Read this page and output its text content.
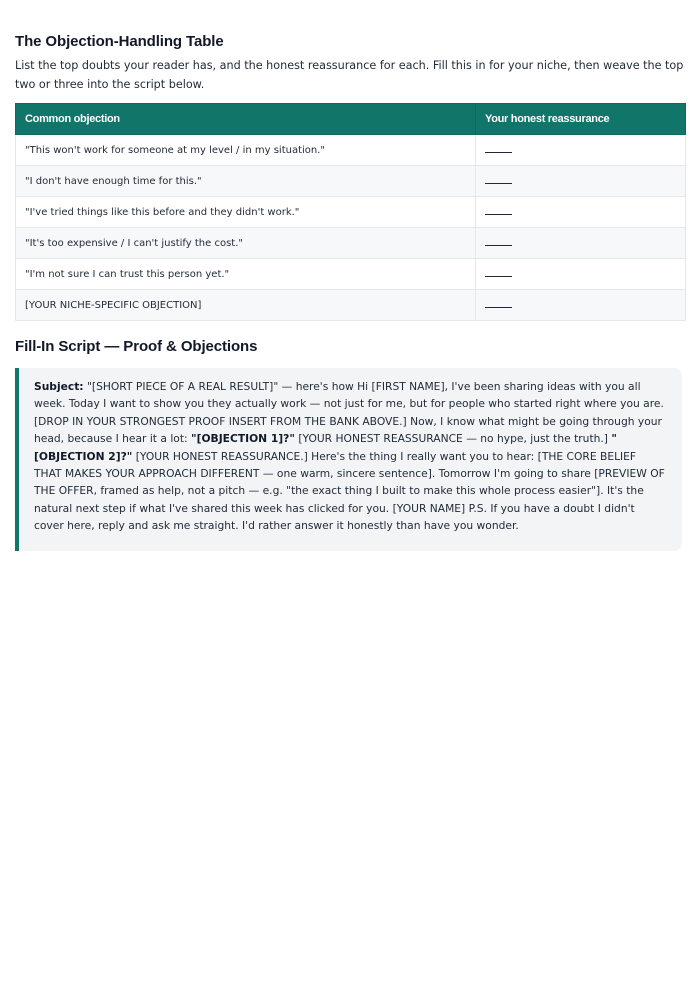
The Objection-Handling Table

List the top doubts your reader has, and the honest reassurance for each. Fill this in for your niche, then weave the top two or three into the script below.

Common objection	Your honest reassurance
"This won't work for someone at my level / in my situation."	
"I don't have enough time for this."	
"I've tried things like this before and they didn't work."	
"It's too expensive / I can't justify the cost."	
"I'm not sure I can trust this person yet."	
[YOUR NICHE-SPECIFIC OBJECTION]	
Fill-In Script — Proof & Objections

Subject: "[SHORT PIECE OF A REAL RESULT]" — here's how Hi [FIRST NAME], I've been sharing ideas with you all week. Today I want to show you they actually work — not just for me, but for people who started right where you are. [DROP IN YOUR STRONGEST PROOF INSERT FROM THE BANK ABOVE.] Now, I know what might be going through your head, because I hear it a lot: "[OBJECTION 1]?" [YOUR HONEST REASSURANCE — no hype, just the truth.] "[OBJECTION 2]?" [YOUR HONEST REASSURANCE.] Here's the thing I really want you to hear: [THE CORE BELIEF THAT MAKES YOUR APPROACH DIFFERENT — one warm, sincere sentence]. Tomorrow I'm going to share [PREVIEW OF THE OFFER, framed as help, not a pitch — e.g. "the exact thing I built to make this whole process easier"]. It's the natural next step if what I've shared this week has clicked for you. [YOUR NAME] P.S. If you have a doubt I didn't cover here, reply and ask me straight. I'd rather answer it honestly than have you wonder.
